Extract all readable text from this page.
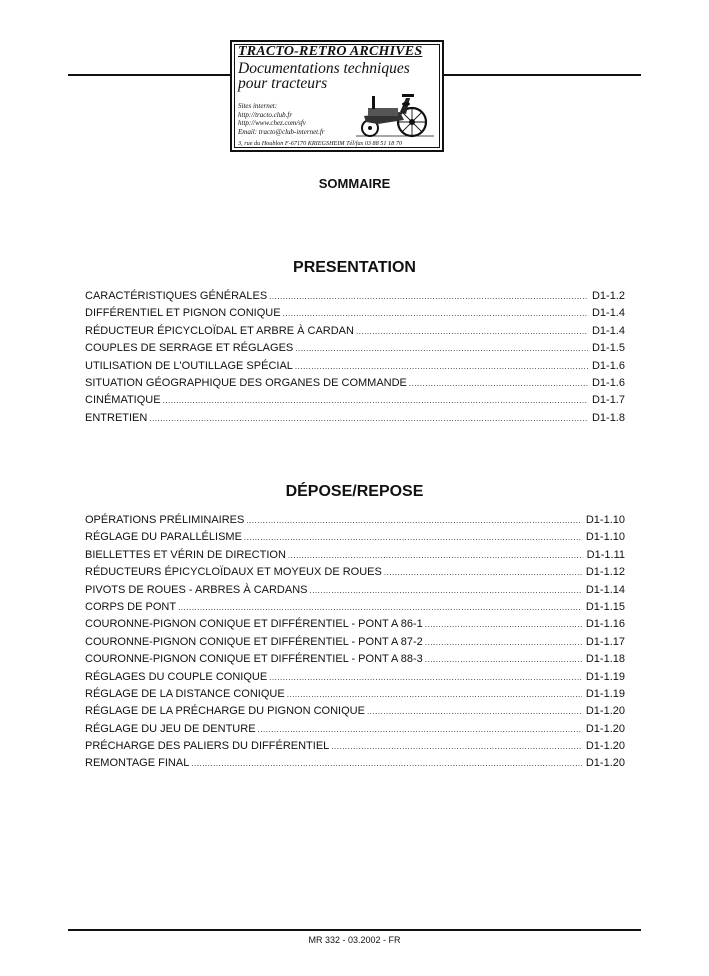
TRACTO-RETRO ARCHIVES
Documentations techniques
pour tracteurs
Sites internet:
http://tracto.club.fr
http://www.chez.com/sfv
Email: tracto@club-internet.fr
3, rue du Houblon F-67170 KRIEGSHEIM Tél/fax 03 88 51 18 70
SOMMAIRE
PRESENTATION
CARACTÉRISTIQUES GÉNÉRALES .....	D1-1.2
DIFFÉRENTIEL ET PIGNON CONIQUE .....	D1-1.4
RÉDUCTEUR ÉPICYCLOÏDAL ET ARBRE À CARDAN .....	D1-1.4
COUPLES DE SERRAGE ET RÉGLAGES .....	D1-1.5
UTILISATION DE L'OUTILLAGE SPÉCIAL .....	D1-1.6
SITUATION GÉOGRAPHIQUE DES ORGANES DE COMMANDE .....	D1-1.6
CINÉMATIQUE .....	D1-1.7
ENTRETIEN .....	D1-1.8
DÉPOSE/REPOSE
OPÉRATIONS PRÉLIMINAIRES .....	D1-1.10
RÉGLAGE DU PARALLÉLISME .....	D1-1.10
BIELLETTES ET VÉRIN DE DIRECTION .....	D1-1.11
RÉDUCTEURS ÉPICYCLOÏDAUX ET MOYEUX DE ROUES .....	D1-1.12
PIVOTS DE ROUES - ARBRES À CARDANS .....	D1-1.14
CORPS DE PONT .....	D1-1.15
COURONNE-PIGNON CONIQUE ET DIFFÉRENTIEL - PONT A 86-1 .....	D1-1.16
COURONNE-PIGNON CONIQUE ET DIFFÉRENTIEL - PONT A 87-2 .....	D1-1.17
COURONNE-PIGNON CONIQUE ET DIFFÉRENTIEL - PONT A 88-3 .....	D1-1.18
RÉGLAGES DU COUPLE CONIQUE .....	D1-1.19
RÉGLAGE DE LA DISTANCE CONIQUE .....	D1-1.19
RÉGLAGE DE LA PRÉCHARGE DU PIGNON CONIQUE .....	D1-1.20
RÉGLAGE DU JEU DE DENTURE .....	D1-1.20
PRÉCHARGE DES PALIERS DU DIFFÉRENTIEL .....	D1-1.20
REMONTAGE FINAL .....	D1-1.20
MR 332 - 03.2002 - FR
